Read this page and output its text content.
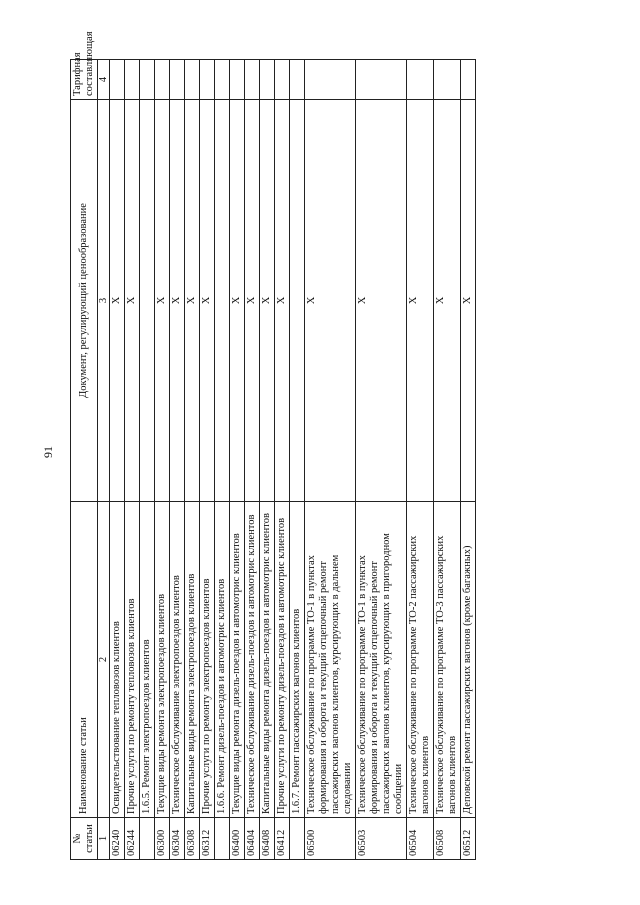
91
№ статьи	Наименование статьи	Документ, регулирующий ценообразование	Тарифная составляющая
1	2	3	4
06240	Освидетельствование тепловозов клиентов	X	
06244	Прочие услуги по ремонту тепловозов клиентов	X	
	1.6.5. Ремонт электропоездов клиентов		
06300	Текущие виды ремонта электропоездов клиентов	X	
06304	Техническое обслуживание электропоездов клиентов	X	
06308	Капитальные виды ремонта электропоездов клиентов	X	
06312	Прочие услуги по ремонту электропоездов клиентов	X	
	1.6.6. Ремонт дизель-поездов и автомотрис клиентов		
06400	Текущие виды ремонта дизель-поездов и автомотрис клиентов	X	
06404	Техническое обслуживание дизель-поездов и автомотрис клиентов	X	
06408	Капитальные виды ремонта дизель-поездов и автомотрис клиентов	X	
06412	Прочие услуги по ремонту дизель-поездов и автомотрис клиентов	X	
	1.6.7. Ремонт пассажирских вагонов клиентов		
06500	Техническое обслуживание по программе ТО-1 в пунктах формирования и оборота и текущий отцепочный ремонт пассажирских вагонов клиентов, курсирующих в дальнем следовании	X	
06503	Техническое обслуживание по программе ТО-1 в пунктах формирования и оборота и текущий отцепочный ремонт пассажирских вагонов клиентов, курсирующих в пригородном сообщении	X	
06504	Техническое обслуживание по программе ТО-2 пассажирских вагонов клиентов	X	
06508	Техническое обслуживание по программе ТО-3 пассажирских вагонов клиентов	X	
06512	Деповской ремонт пассажирских вагонов (кроме багажных)	X	
